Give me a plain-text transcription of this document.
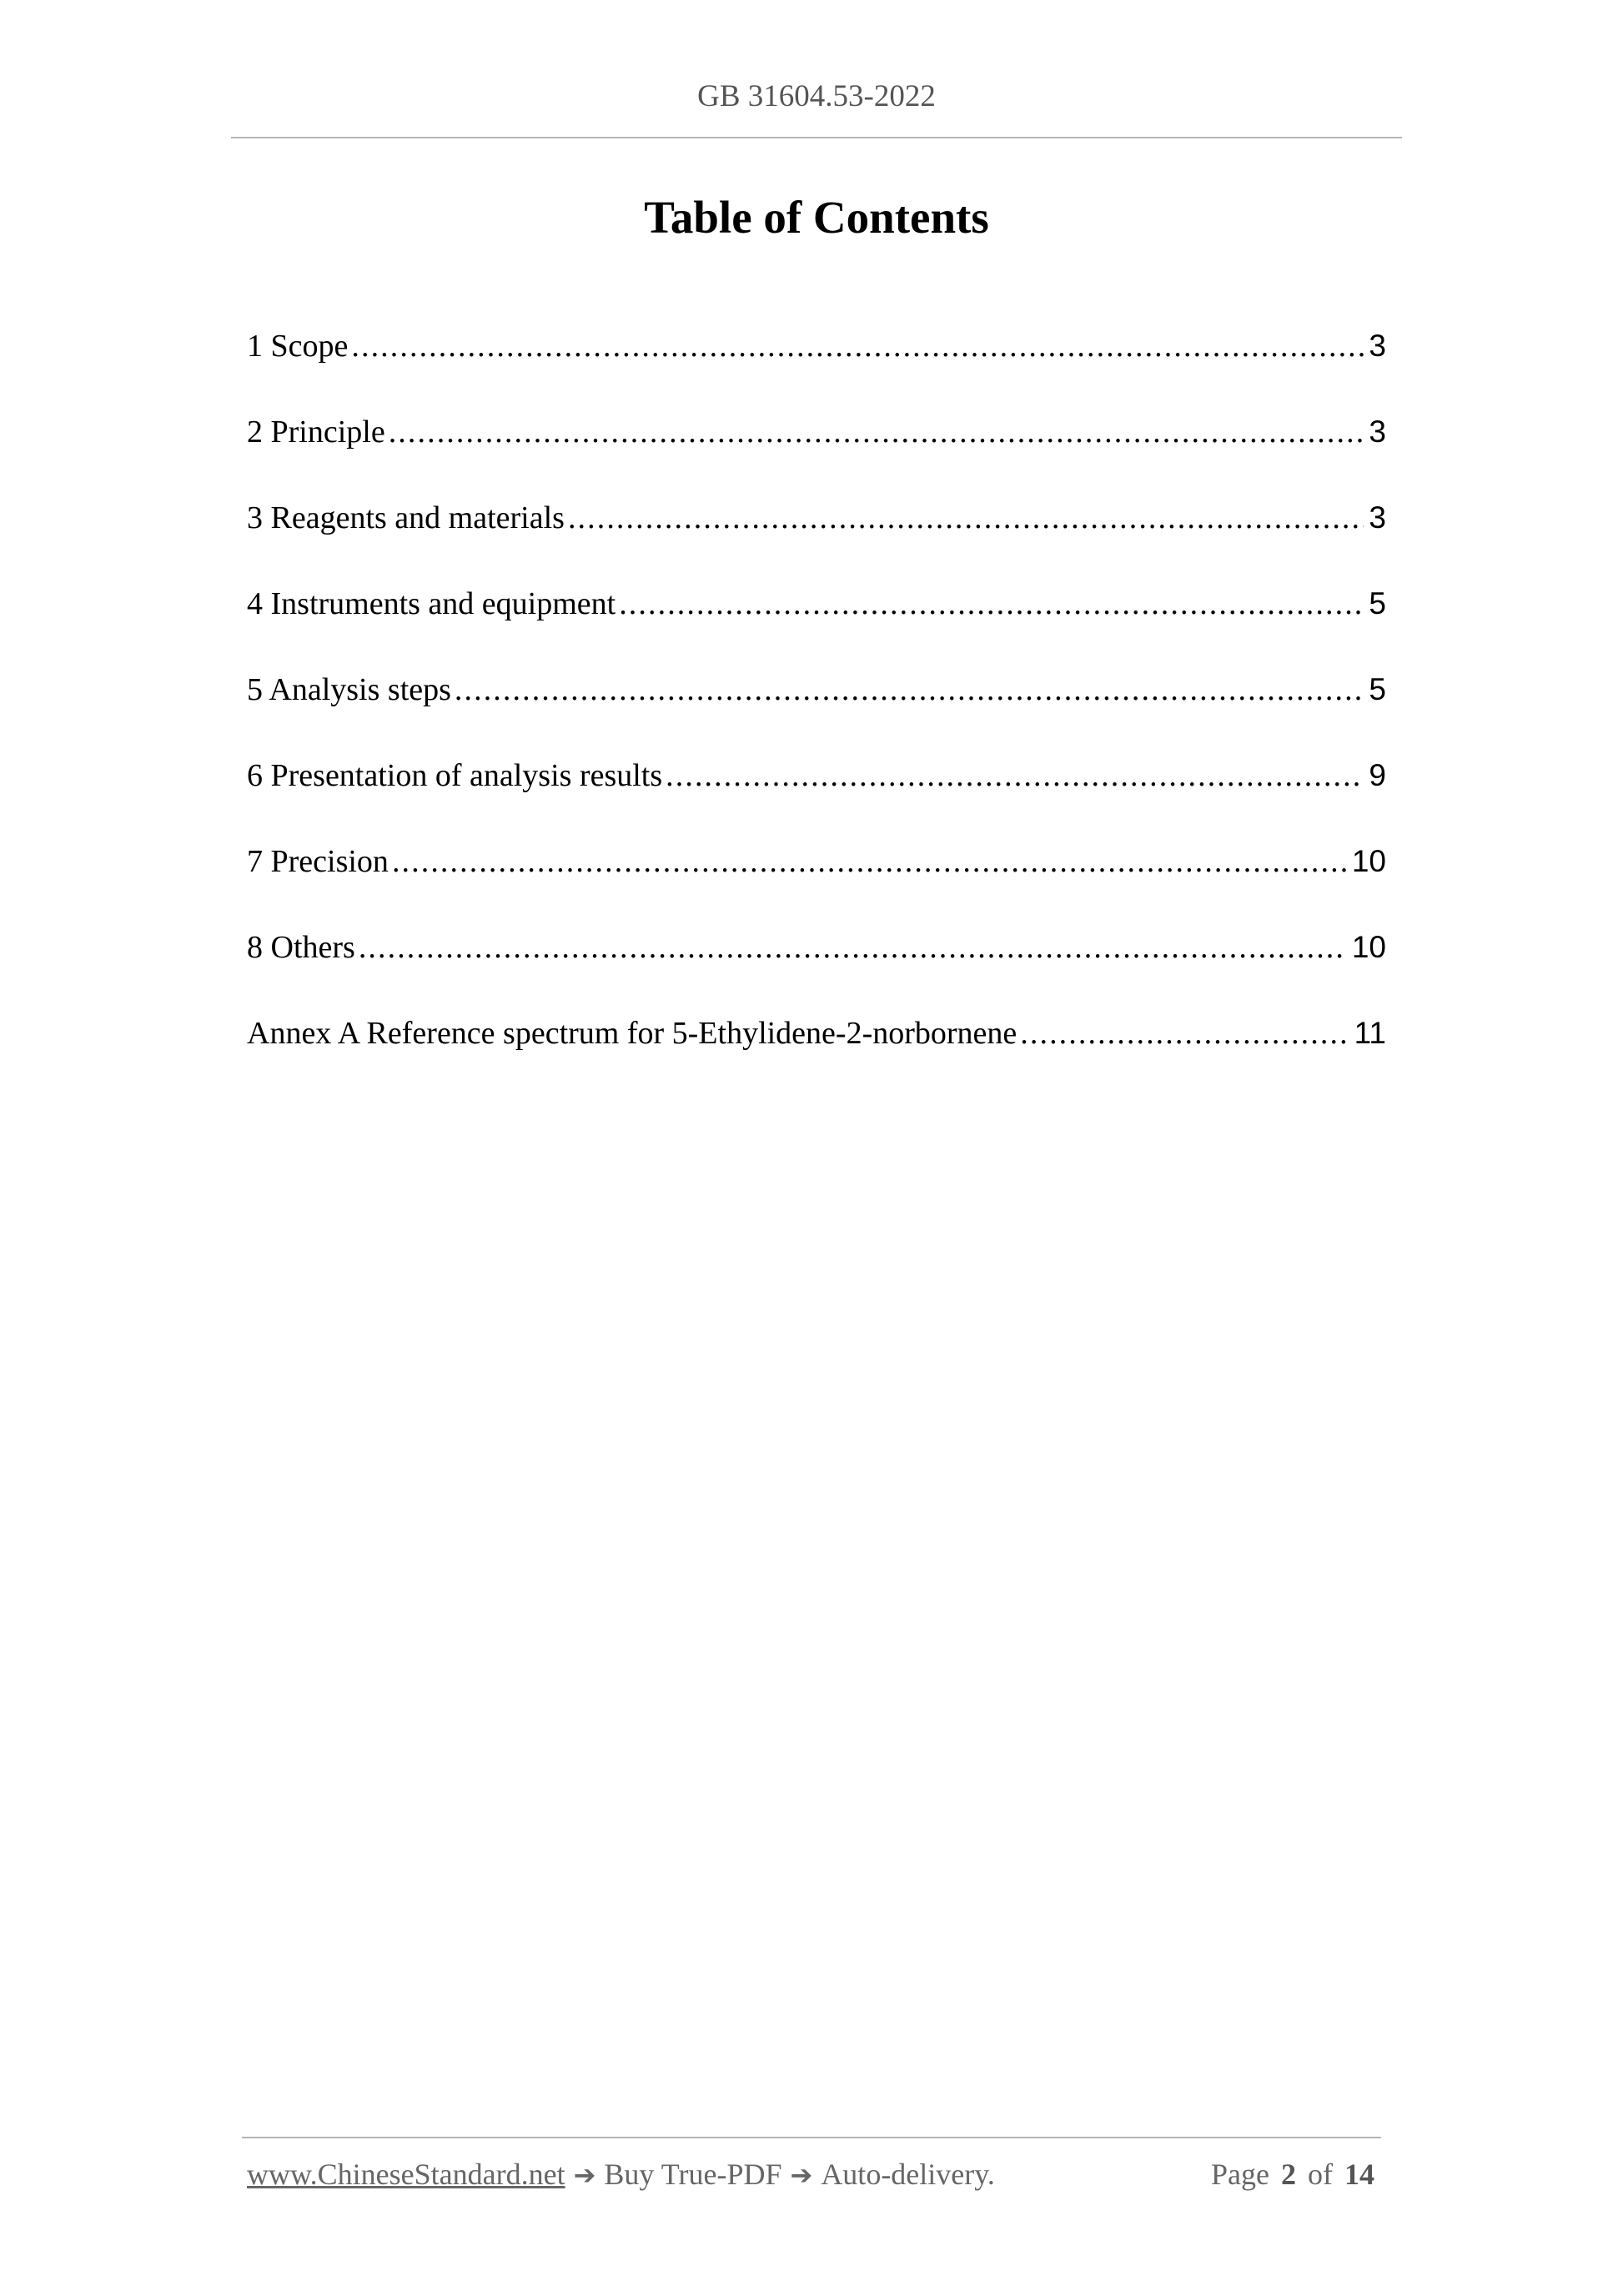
GB 31604.53-2022
Table of Contents
1 Scope .....	3
2 Principle .....	3
3 Reagents and materials .....	3
4 Instruments and equipment .....	5
5 Analysis steps .....	5
6 Presentation of analysis results .....	9
7 Precision .....	10
8 Others .....	10
Annex A Reference spectrum for 5-Ethylidene-2-norbornene .....	11
www.ChineseStandard.net ➔ Buy True-PDF ➔ Auto-delivery.	Page 2 of 14
